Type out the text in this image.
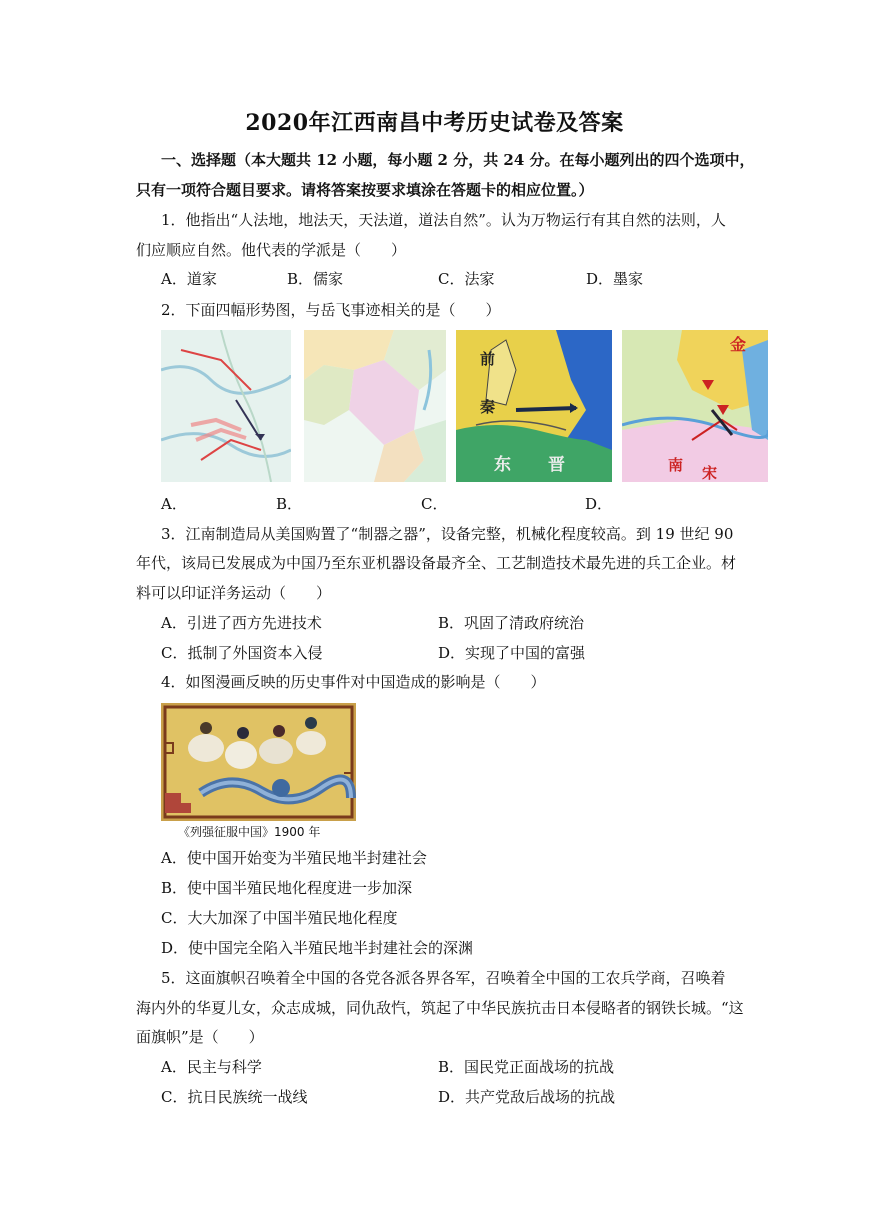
2020年江西南昌中考历史试卷及答案
一、选择题（本大题共 12 小题，每小题 2 分，共 24 分。在每小题列出的四个选项中，
只有一项符合题目要求。请将答案按要求填涂在答题卡的相应位置。）
1．他指出“人法地，地法天，天法道，道法自然”。认为万物运行有其自然的法则，人
们应顺应自然。他代表的学派是（　　）
A．道家	B．儒家	C．法家	D．墨家
2．下面四幅形势图，与岳飞事迹相关的是（　　）
前
秦
东 晋
金
南 宋
A．	B．	C．	D．
3．江南制造局从美国购置了“制器之器”，设备完整，机械化程度较高。到 19 世纪 90
年代，该局已发展成为中国乃至东亚机器设备最齐全、工艺制造技术最先进的兵工企业。材
料可以印证洋务运动（　　）
A．引进了西方先进技术	B．巩固了清政府统治
C．抵制了外国资本入侵	D．实现了中国的富强
4．如图漫画反映的历史事件对中国造成的影响是（　　）
《列强征服中国》1900 年
A．使中国开始变为半殖民地半封建社会
B．使中国半殖民地化程度进一步加深
C．大大加深了中国半殖民地化程度
D．使中国完全陷入半殖民地半封建社会的深渊
5．这面旗帜召唤着全中国的各党各派各界各军，召唤着全中国的工农兵学商，召唤着
海内外的华夏儿女，众志成城，同仇敌忾，筑起了中华民族抗击日本侵略者的钢铁长城。“这
面旗帜”是（　　）
A．民主与科学	B．国民党正面战场的抗战
C．抗日民族统一战线	D．共产党敌后战场的抗战
